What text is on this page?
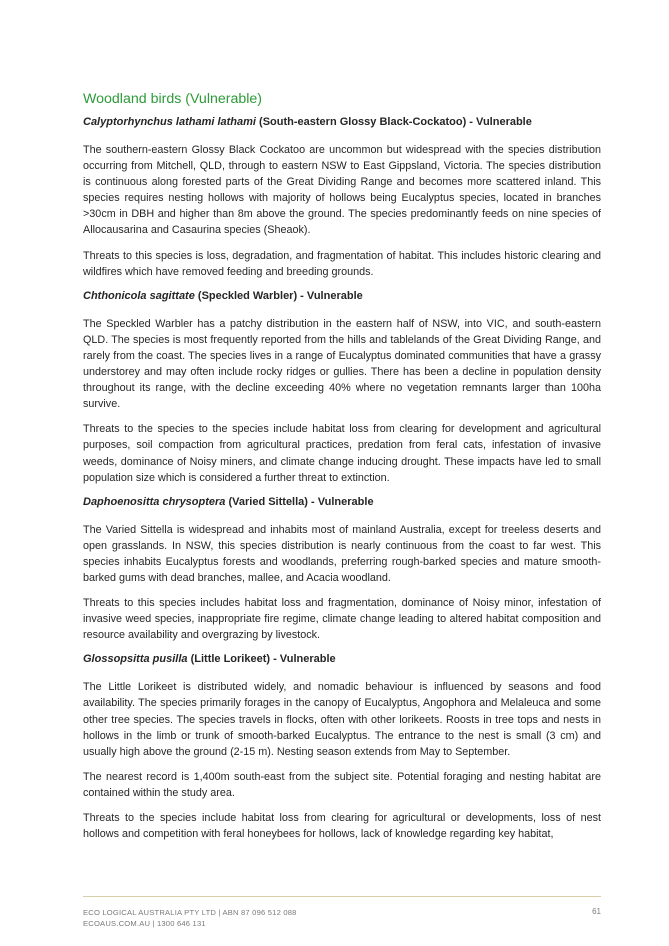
Woodland birds (Vulnerable)

Calyptorhynchus lathami lathami (South-eastern Glossy Black-Cockatoo) - Vulnerable

The southern-eastern Glossy Black Cockatoo are uncommon but widespread with the species distribution occurring from Mitchell, QLD, through to eastern NSW to East Gippsland, Victoria. The species distribution is continuous along forested parts of the Great Dividing Range and becomes more scattered inland. This species requires nesting hollows with majority of hollows being Eucalyptus species, located in branches >30cm in DBH and higher than 8m above the ground. The species predominantly feeds on nine species of Allocausarina and Casaurina species (Sheaok).

Threats to this species is loss, degradation, and fragmentation of habitat. This includes historic clearing and wildfires which have removed feeding and breeding grounds.

Chthonicola sagittate (Speckled Warbler) - Vulnerable

The Speckled Warbler has a patchy distribution in the eastern half of NSW, into VIC, and south-eastern QLD. The species is most frequently reported from the hills and tablelands of the Great Dividing Range, and rarely from the coast. The species lives in a range of Eucalyptus dominated communities that have a grassy understorey and may often include rocky ridges or gullies. There has been a decline in population density throughout its range, with the decline exceeding 40% where no vegetation remnants larger than 100ha survive.

Threats to the species to the species include habitat loss from clearing for development and agricultural purposes, soil compaction from agricultural practices, predation from feral cats, infestation of invasive weeds, dominance of Noisy miners, and climate change inducing drought. These impacts have led to small population size which is considered a further threat to extinction.

Daphoenositta chrysoptera (Varied Sittella) - Vulnerable

The Varied Sittella is widespread and inhabits most of mainland Australia, except for treeless deserts and open grasslands. In NSW, this species distribution is nearly continuous from the coast to far west. This species inhabits Eucalyptus forests and woodlands, preferring rough-barked species and mature smooth-barked gums with dead branches, mallee, and Acacia woodland.

Threats to this species includes habitat loss and fragmentation, dominance of Noisy minor, infestation of invasive weed species, inappropriate fire regime, climate change leading to altered habitat composition and resource availability and overgrazing by livestock.

Glossopsitta pusilla (Little Lorikeet) - Vulnerable

The Little Lorikeet is distributed widely, and nomadic behaviour is influenced by seasons and food availability. The species primarily forages in the canopy of Eucalyptus, Angophora and Melaleuca and some other tree species. The species travels in flocks, often with other lorikeets. Roosts in tree tops and nests in hollows in the limb or trunk of smooth-barked Eucalyptus. The entrance to the nest is small (3 cm) and usually high above the ground (2-15 m). Nesting season extends from May to September.

The nearest record is 1,400m south-east from the subject site. Potential foraging and nesting habitat are contained within the study area.

Threats to the species include habitat loss from clearing for agricultural or developments, loss of nest hollows and competition with feral honeybees for hollows, lack of knowledge regarding key habitat,

ECO LOGICAL AUSTRALIA PTY LTD | ABN 87 096 512 088
ECOAUS.COM.AU | 1300 646 131
61
